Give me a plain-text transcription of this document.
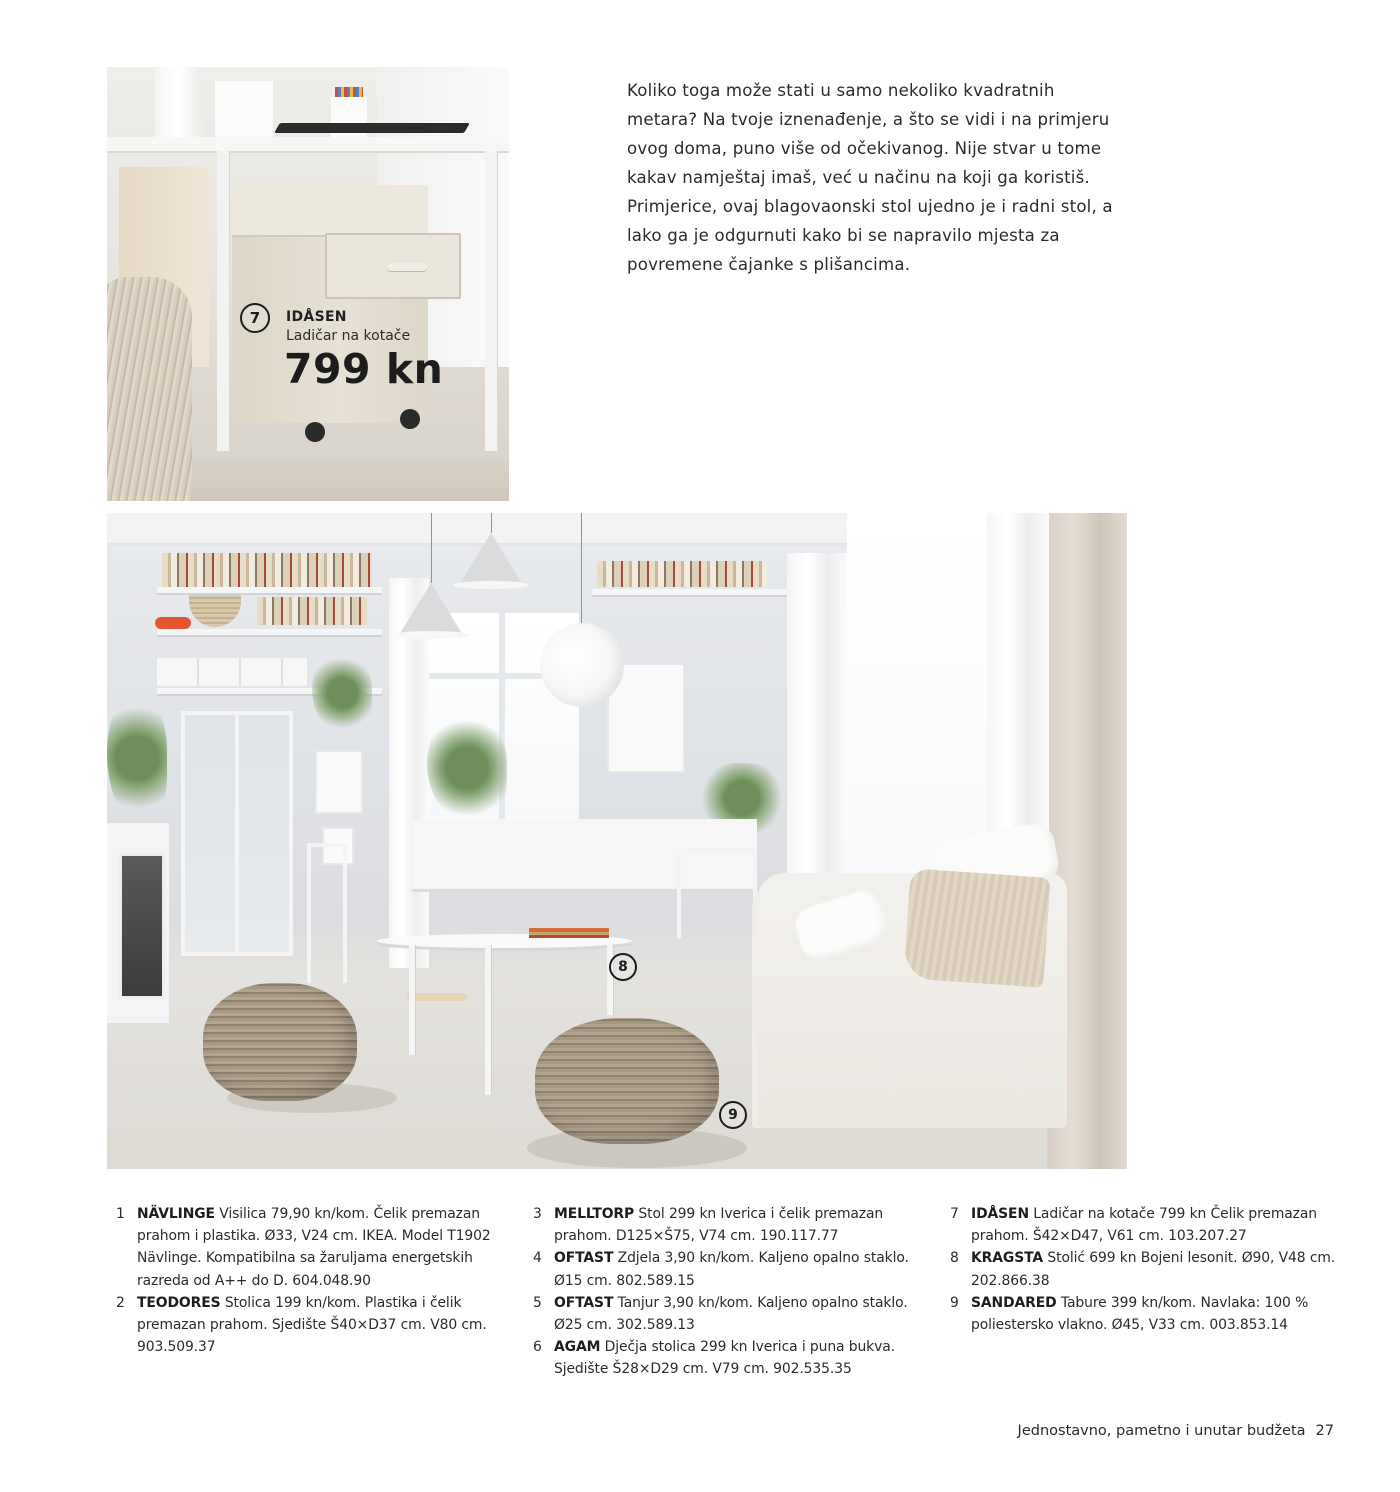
7	IDÅSEN
Ladičar na kotače
799 kn

Koliko toga može stati u samo nekoliko kvadratnih metara? Na tvoje iznenađenje, a što se vidi i na primjeru ovog doma, puno više od očekivanog. Nije stvar u tome kakav namještaj imaš, već u načinu na koji ga koristiš. Primjerice, ovaj blagovaonski stol ujedno je i radni stol, a lako ga je odgurnuti kako bi se napravilo mjesta za povremene čajanke s plišancima.

8
9
1 NÄVLINGE Visilica 79,90 kn/kom. Čelik premazan prahom i plastika. Ø33, V24 cm. IKEA. Model T1902 Nävlinge. Kompatibilna sa žaruljama energetskih razreda od A++ do D. 604.048.90
2 TEODORES Stolica 199 kn/kom. Plastika i čelik premazan prahom. Sjedište Š40×D37 cm. V80 cm. 903.509.37
3 MELLTORP Stol 299 kn Iverica i čelik premazan prahom. D125×Š75, V74 cm. 190.117.77
4 OFTAST Zdjela 3,90 kn/kom. Kaljeno opalno staklo. Ø15 cm. 802.589.15
5 OFTAST Tanjur 3,90 kn/kom. Kaljeno opalno staklo. Ø25 cm. 302.589.13
6 AGAM Dječja stolica 299 kn Iverica i puna bukva. Sjedište Š28×D29 cm. V79 cm. 902.535.35
7 IDÅSEN Ladičar na kotače 799 kn Čelik premazan prahom. Š42×D47, V61 cm. 103.207.27
8 KRAGSTA Stolić 699 kn Bojeni lesonit. Ø90, V48 cm. 202.866.38
9 SANDARED Tabure 399 kn/kom. Navlaka: 100 % poliestersko vlakno. Ø45, V33 cm. 003.853.14
Jednostavno, pametno i unutar budžeta 27
